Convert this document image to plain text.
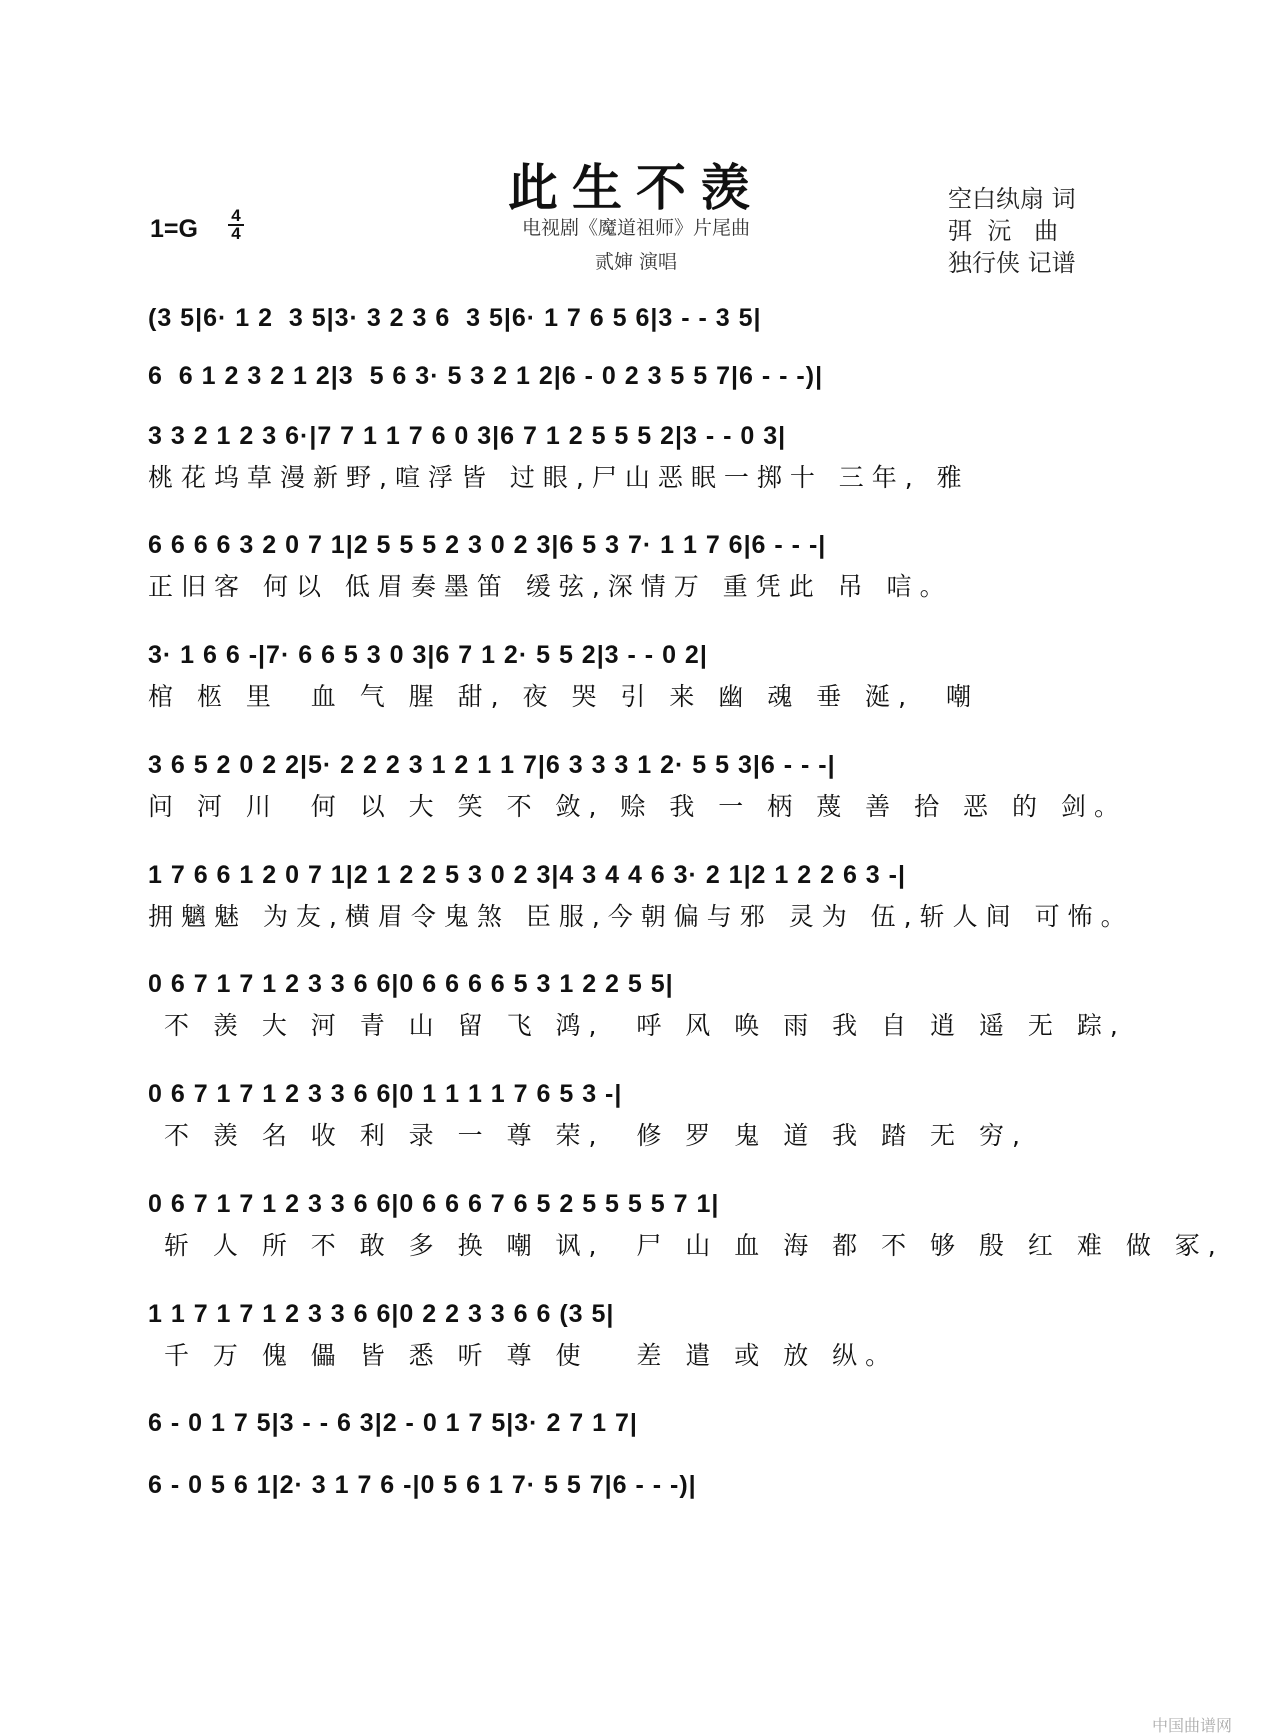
此生不羡
电视剧《魔道祖师》片尾曲
贰婶 演唱
空白纨扇 词
弭  沅   曲
独行侠 记谱
1=G 4
4
(3 5|6· 1 2  3 5|3· 3 2 3 6  3 5|6· 1 7 6 5 6|3 - - 3 5|
6  6 1 2 3 2 1 2|3  5 6 3· 5 3 2 1 2|6 - 0 2 3 5 5 7|6 - - -)|
3 3 2 1 2 3 6·|7 7 1 1 7 6 0 3|6 7 1 2 5 5 5 2|3 - - 0 3|
桃花坞草漫新野,喧浮皆 过眼,尸山恶眠一掷十 三年, 雅
6 6 6 6 3 2 0 7 1|2 5 5 5 2 3 0 2 3|6 5 3 7· 1 1 7 6|6 - - -|
正旧客 何以 低眉奏墨笛 缓弦,深情万 重凭此 吊 唁。
3· 1 6 6 -|7· 6 6 5 3 0 3|6 7 1 2· 5 5 2|3 - - 0 2|
棺 柩 里  血 气 腥 甜, 夜 哭 引 来 幽 魂 垂 涎,  嘲
3 6 5 2 0 2 2|5· 2 2 2 3 1 2 1 1 7|6 3 3 3 1 2· 5 5 3|6 - - -|
问 河 川  何 以 大 笑 不 敛, 赊 我 一 柄 蔑 善 拾 恶 的 剑。
1 7 6 6 1 2 0 7 1|2 1 2 2 5 3 0 2 3|4 3 4 4 6 3· 2 1|2 1 2 2 6 3 -|
拥魑魅 为友,横眉令鬼煞 臣服,今朝偏与邪 灵为 伍,斩人间 可怖。
0 6 7 1 7 1 2 3 3 6 6|0 6 6 6 6 5 3 1 2 2 5 5|
不 羡 大 河 青 山 留 飞 鸿,  呼 风 唤 雨 我 自 逍 遥 无 踪,
0 6 7 1 7 1 2 3 3 6 6|0 1 1 1 1 7 6 5 3 -|
不 羡 名 收 利 录 一 尊 荣,  修 罗 鬼 道 我 踏 无 穷,
0 6 7 1 7 1 2 3 3 6 6|0 6 6 6 7 6 5 2 5 5 5 5 7 1|
斩 人 所 不 敢 多 换 嘲 讽,  尸 山 血 海 都 不 够 殷 红 难 做 冢,
1 1 7 1 7 1 2 3 3 6 6|0 2 2 3 3 6 6 (3 5|
千 万 傀 儡 皆 悉 听 尊 使   差 遣 或 放 纵。
6 - 0 1 7 5|3 - - 6 3|2 - 0 1 7 5|3· 2 7 1 7|
6 - 0 5 6 1|2· 3 1 7 6 -|0 5 6 1 7· 5 5 7|6 - - -)|
中国曲谱网
